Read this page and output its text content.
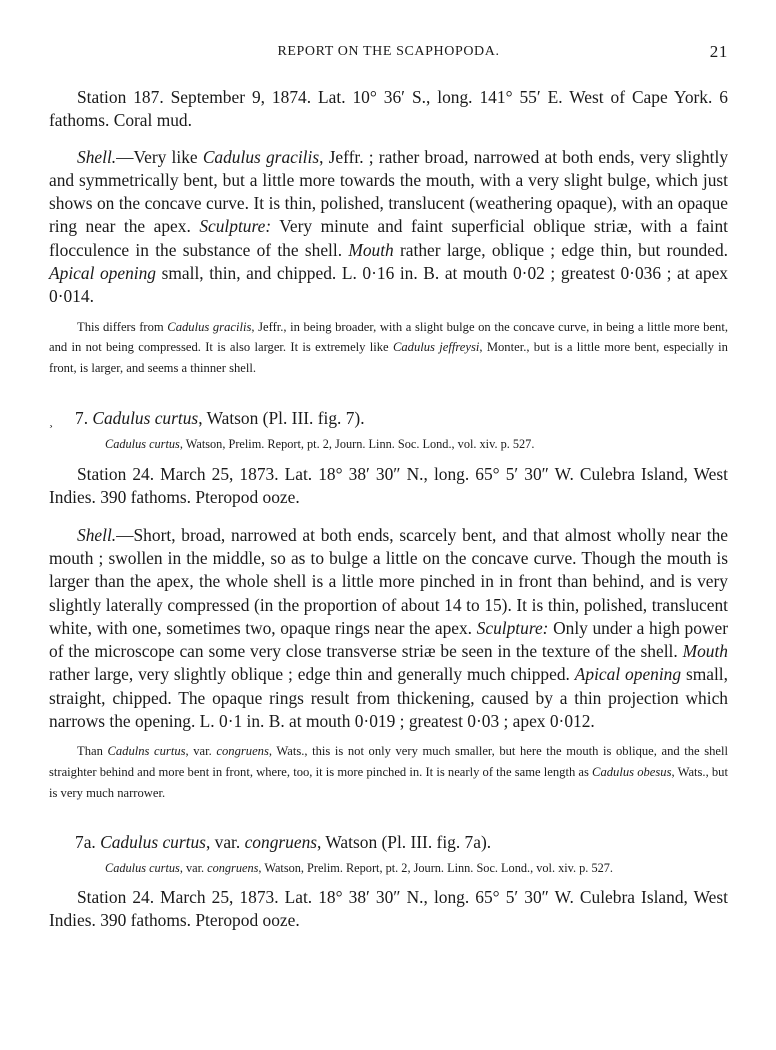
REPORT ON THE SCAPHOPODA.	21

Station 187. September 9, 1874. Lat. 10° 36′ S., long. 141° 55′ E. West of Cape York. 6 fathoms. Coral mud.

Shell.—Very like Cadulus gracilis, Jeffr. ; rather broad, narrowed at both ends, very slightly and symmetrically bent, but a little more towards the mouth, with a very slight bulge, which just shows on the concave curve. It is thin, polished, translucent (weathering opaque), with an opaque ring near the apex. Sculpture: Very minute and faint superficial oblique striæ, with a faint flocculence in the substance of the shell. Mouth rather large, oblique ; edge thin, but rounded. Apical opening small, thin, and chipped. L. 0·16 in. B. at mouth 0·02 ; greatest 0·036 ; at apex 0·014.

This differs from Cadulus gracilis, Jeffr., in being broader, with a slight bulge on the concave curve, in being a little more bent, and in not being compressed. It is also larger. It is extremely like Cadulus jeffreysi, Monter., but is a little more bent, especially in front, is larger, and seems a thinner shell.

¸ 7. Cadulus curtus, Watson (Pl. III. fig. 7).

Cadulus curtus, Watson, Prelim. Report, pt. 2, Journ. Linn. Soc. Lond., vol. xiv. p. 527.

Station 24. March 25, 1873. Lat. 18° 38′ 30″ N., long. 65° 5′ 30″ W. Culebra Island, West Indies. 390 fathoms. Pteropod ooze.

Shell.—Short, broad, narrowed at both ends, scarcely bent, and that almost wholly near the mouth ; swollen in the middle, so as to bulge a little on the concave curve. Though the mouth is larger than the apex, the whole shell is a little more pinched in in front than behind, and is very slightly laterally compressed (in the proportion of about 14 to 15). It is thin, polished, translucent white, with one, sometimes two, opaque rings near the apex. Sculpture: Only under a high power of the microscope can some very close transverse striæ be seen in the texture of the shell. Mouth rather large, very slightly oblique ; edge thin and generally much chipped. Apical opening small, straight, chipped. The opaque rings result from thickening, caused by a thin projection which narrows the opening. L. 0·1 in. B. at mouth 0·019 ; greatest 0·03 ; apex 0·012.

Than Cadulns curtus, var. congruens, Wats., this is not only very much smaller, but here the mouth is oblique, and the shell straighter behind and more bent in front, where, too, it is more pinched in. It is nearly of the same length as Cadulus obesus, Wats., but is very much narrower.

7a. Cadulus curtus, var. congruens, Watson (Pl. III. fig. 7a).

Cadulus curtus, var. congruens, Watson, Prelim. Report, pt. 2, Journ. Linn. Soc. Lond., vol. xiv. p. 527.

Station 24. March 25, 1873. Lat. 18° 38′ 30″ N., long. 65° 5′ 30″ W. Culebra Island, West Indies. 390 fathoms. Pteropod ooze.
